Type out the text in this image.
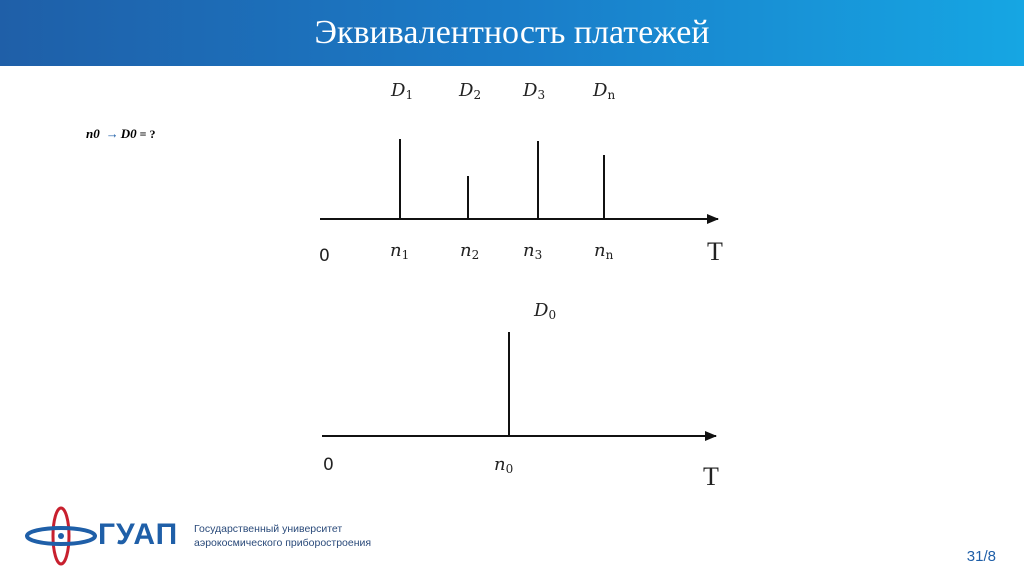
Эквивалентность платежей
n0 → D0 = ?
$D_1$	$D_2$ $D_3$	$D_n$
0	$n_1$	$n_2$ $n_3$	$n_n$	T
$D_0$
0	$n_0$	T
ГУАП Государственный университет
аэрокосмического приборостроения
31/8
